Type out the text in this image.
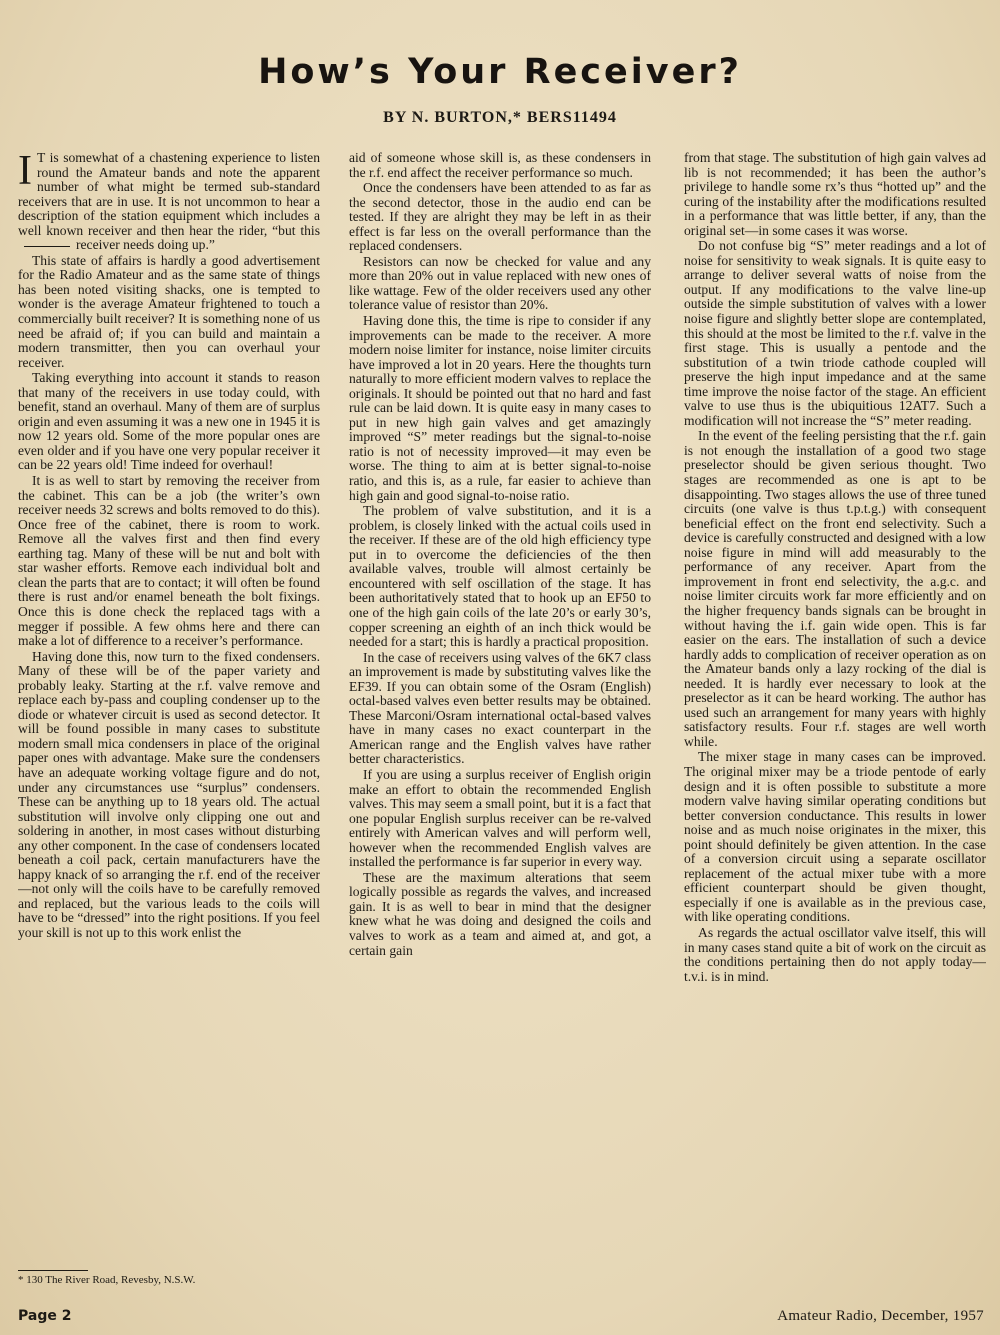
How’s Your Receiver?

BY N. BURTON,* BERS11494

I T is somewhat of a chastening experience to listen round the Amateur bands and note the apparent number of what might be termed sub-standard receivers that are in use. It is not uncommon to hear a description of the station equipment which includes a well known receiver and then hear the rider, “but thisreceiver needs doing up.”

This state of affairs is hardly a good advertisement for the Radio Amateur and as the same state of things has been noted visiting shacks, one is tempted to wonder is the average Amateur frightened to touch a commercially built receiver? It is something none of us need be afraid of; if you can build and maintain a modern transmitter, then you can overhaul your receiver.

Taking everything into account it stands to reason that many of the receivers in use today could, with benefit, stand an overhaul. Many of them are of surplus origin and even assuming it was a new one in 1945 it is now 12 years old. Some of the more popular ones are even older and if you have one very popular receiver it can be 22 years old! Time indeed for overhaul!

It is as well to start by removing the receiver from the cabinet. This can be a job (the writer’s own receiver needs 32 screws and bolts removed to do this). Once free of the cabinet, there is room to work. Remove all the valves first and then find every earthing tag. Many of these will be nut and bolt with star washer efforts. Remove each individual bolt and clean the parts that are to contact; it will often be found there is rust and/or enamel beneath the bolt fixings. Once this is done check the replaced tags with a megger if possible. A few ohms here and there can make a lot of difference to a receiver’s performance.

Having done this, now turn to the fixed condensers. Many of these will be of the paper variety and probably leaky. Starting at the r.f. valve remove and replace each by-pass and coupling condenser up to the diode or whatever circuit is used as second detector. It will be found possible in many cases to substitute modern small mica condensers in place of the original paper ones with advantage. Make sure the condensers have an adequate working voltage figure and do not, under any circumstances use “surplus” condensers. These can be anything up to 18 years old. The actual substitution will involve only clipping one out and soldering in another, in most cases without disturbing any other component. In the case of condensers located beneath a coil pack, certain manufacturers have the happy knack of so arranging the r.f. end of the receiver—not only will the coils have to be carefully removed and replaced, but the various leads to the coils will have to be “dressed” into the right positions. If you feel your skill is not up to this work enlist the

aid of someone whose skill is, as these condensers in the r.f. end affect the receiver performance so much.

Once the condensers have been attended to as far as the second detector, those in the audio end can be tested. If they are alright they may be left in as their effect is far less on the overall performance than the replaced condensers.

Resistors can now be checked for value and any more than 20% out in value replaced with new ones of like wattage. Few of the older receivers used any other tolerance value of resistor than 20%.

Having done this, the time is ripe to consider if any improvements can be made to the receiver. A more modern noise limiter for instance, noise limiter circuits have improved a lot in 20 years. Here the thoughts turn naturally to more efficient modern valves to replace the originals. It should be pointed out that no hard and fast rule can be laid down. It is quite easy in many cases to put in new high gain valves and get amazingly improved “S” meter readings but the signal-to-noise ratio is not of necessity improved—it may even be worse. The thing to aim at is better signal-to-noise ratio, and this is, as a rule, far easier to achieve than high gain and good signal-to-noise ratio.

The problem of valve substitution, and it is a problem, is closely linked with the actual coils used in the receiver. If these are of the old high efficiency type put in to overcome the deficiencies of the then available valves, trouble will almost certainly be encountered with self oscillation of the stage. It has been authoritatively stated that to hook up an EF50 to one of the high gain coils of the late 20’s or early 30’s, copper screening an eighth of an inch thick would be needed for a start; this is hardly a practical proposition.

In the case of receivers using valves of the 6K7 class an improvement is made by substituting valves like the EF39. If you can obtain some of the Osram (English) octal-based valves even better results may be obtained. These Marconi/Osram international octal-based valves have in many cases no exact counterpart in the American range and the English valves have rather better characteristics.

If you are using a surplus receiver of English origin make an effort to obtain the recommended English valves. This may seem a small point, but it is a fact that one popular English surplus receiver can be re-valved entirely with American valves and will perform well, however when the recommended English valves are installed the performance is far superior in every way.

These are the maximum alterations that seem logically possible as regards the valves, and increased gain. It is as well to bear in mind that the designer knew what he was doing and designed the coils and valves to work as a team and aimed at, and got, a certain gain

from that stage. The substitution of high gain valves ad lib is not recommended; it has been the author’s privilege to handle some rx’s thus “hotted up” and the curing of the instability after the modifications resulted in a performance that was little better, if any, than the original set—in some cases it was worse.

Do not confuse big “S” meter readings and a lot of noise for sensitivity to weak signals. It is quite easy to arrange to deliver several watts of noise from the output. If any modifications to the valve line-up outside the simple substitution of valves with a lower noise figure and slightly better slope are contemplated, this should at the most be limited to the r.f. valve in the first stage. This is usually a pentode and the substitution of a twin triode cathode coupled will preserve the high input impedance and at the same time improve the noise factor of the stage. An efficient valve to use thus is the ubiquitious 12AT7. Such a modification will not increase the “S” meter reading.

In the event of the feeling persisting that the r.f. gain is not enough the installation of a good two stage preselector should be given serious thought. Two stages are recommended as one is apt to be disappointing. Two stages allows the use of three tuned circuits (one valve is thus t.p.t.g.) with consequent beneficial effect on the front end selectivity. Such a device is carefully constructed and designed with a low noise figure in mind will add measurably to the performance of any receiver. Apart from the improvement in front end selectivity, the a.g.c. and noise limiter circuits work far more efficiently and on the higher frequency bands signals can be brought in without having the i.f. gain wide open. This is far easier on the ears. The installation of such a device hardly adds to complication of receiver operation as on the Amateur bands only a lazy rocking of the dial is needed. It is hardly ever necessary to look at the preselector as it can be heard working. The author has used such an arrangement for many years with highly satisfactory results. Four r.f. stages are well worth while.

The mixer stage in many cases can be improved. The original mixer may be a triode pentode of early design and it is often possible to substitute a more modern valve having similar operating conditions but better conversion conductance. This results in lower noise and as much noise originates in the mixer, this point should definitely be given attention. In the case of a conversion circuit using a separate oscillator replacement of the actual mixer tube with a more efficient counterpart should be given thought, especially if one is available as in the previous case, with like operating conditions.

As regards the actual oscillator valve itself, this will in many cases stand quite a bit of work on the circuit as the conditions pertaining then do not apply today—t.v.i. is in mind.

* 130 The River Road, Revesby, N.S.W.

Page 2	Amateur Radio, December, 1957
